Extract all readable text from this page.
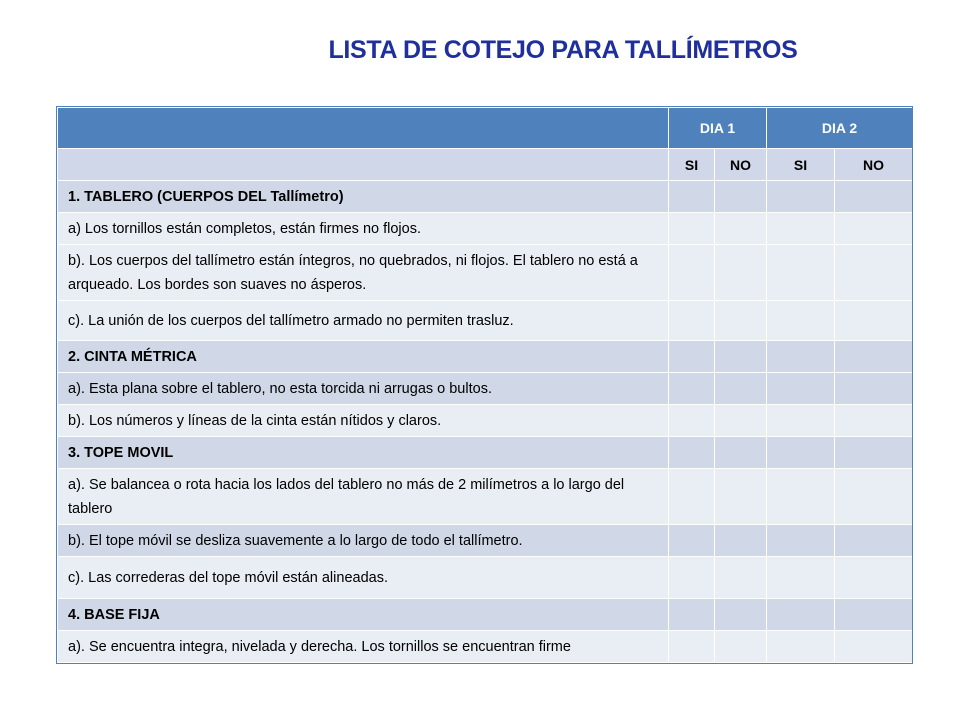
LISTA DE COTEJO PARA TALLÍMETROS
	DIA 1		DIA 2	
	SI	NO	SI	NO
1. TABLERO (CUERPOS DEL Tallímetro)				
a) Los tornillos están completos, están firmes no flojos.				
b). Los cuerpos del tallímetro están íntegros, no quebrados, ni flojos. El tablero no está a arqueado. Los bordes son suaves no ásperos.				
c). La unión de los cuerpos del tallímetro armado no permiten trasluz.				
2. CINTA MÉTRICA				
a). Esta plana sobre el tablero, no esta torcida ni arrugas o bultos.				
b). Los números y líneas de la cinta están nítidos y claros.				
3. TOPE MOVIL				
a). Se balancea o rota hacia los lados del tablero no más de 2 milímetros a lo largo del tablero				
b). El tope móvil se desliza suavemente a lo largo de todo el tallímetro.				
c). Las correderas del tope móvil están alineadas.				
4. BASE FIJA				
a). Se encuentra integra, nivelada y derecha. Los tornillos se encuentran firme				
